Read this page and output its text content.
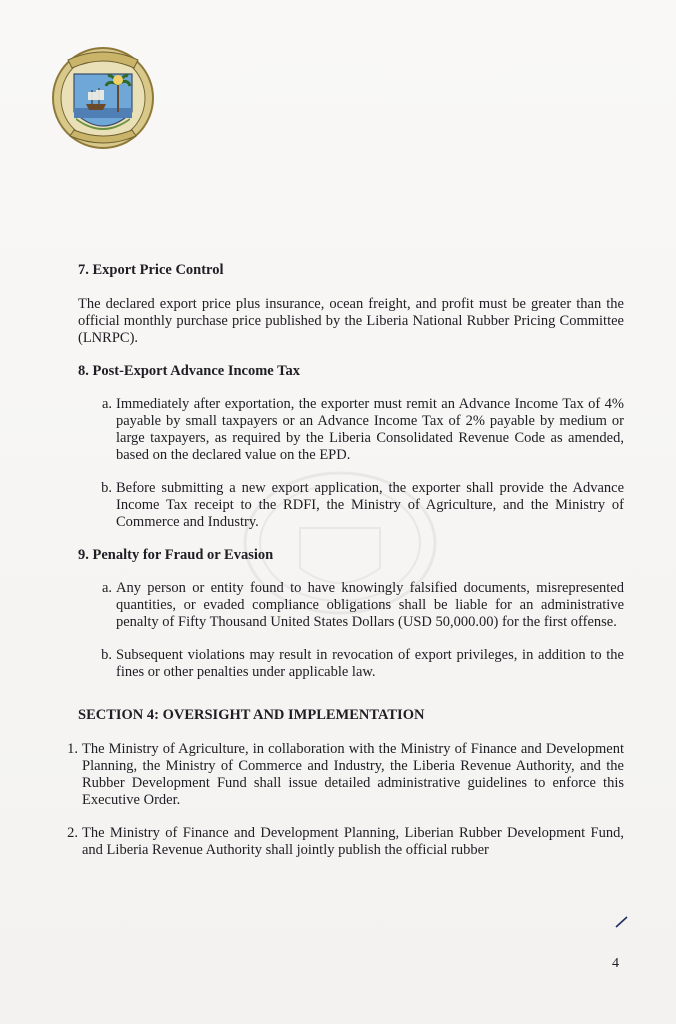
7. Export Price Control

The declared export price plus insurance, ocean freight, and profit must be greater than the official monthly purchase price published by the Liberia National Rubber Pricing Committee (LNRPC).

8. Post-Export Advance Income Tax

a. Immediately after exportation, the exporter must remit an Advance Income Tax of 4% payable by small taxpayers or an Advance Income Tax of 2% payable by medium or large taxpayers, as required by the Liberia Consolidated Revenue Code as amended, based on the declared value on the EPD.
b. Before submitting a new export application, the exporter shall provide the Advance Income Tax receipt to the RDFI, the Ministry of Agriculture, and the Ministry of Commerce and Industry.

9. Penalty for Fraud or Evasion

a. Any person or entity found to have knowingly falsified documents, misrepresented quantities, or evaded compliance obligations shall be liable for an administrative penalty of Fifty Thousand United States Dollars (USD 50,000.00) for the first offense.
b. Subsequent violations may result in revocation of export privileges, in addition to the fines or other penalties under applicable law.

SECTION 4: OVERSIGHT AND IMPLEMENTATION

1. The Ministry of Agriculture, in collaboration with the Ministry of Finance and Development Planning, the Ministry of Commerce and Industry, the Liberia Revenue Authority, and the Rubber Development Fund shall issue detailed administrative guidelines to enforce this Executive Order.
2. The Ministry of Finance and Development Planning, Liberian Rubber Development Fund, and Liberia Revenue Authority shall jointly publish the official rubber
4
